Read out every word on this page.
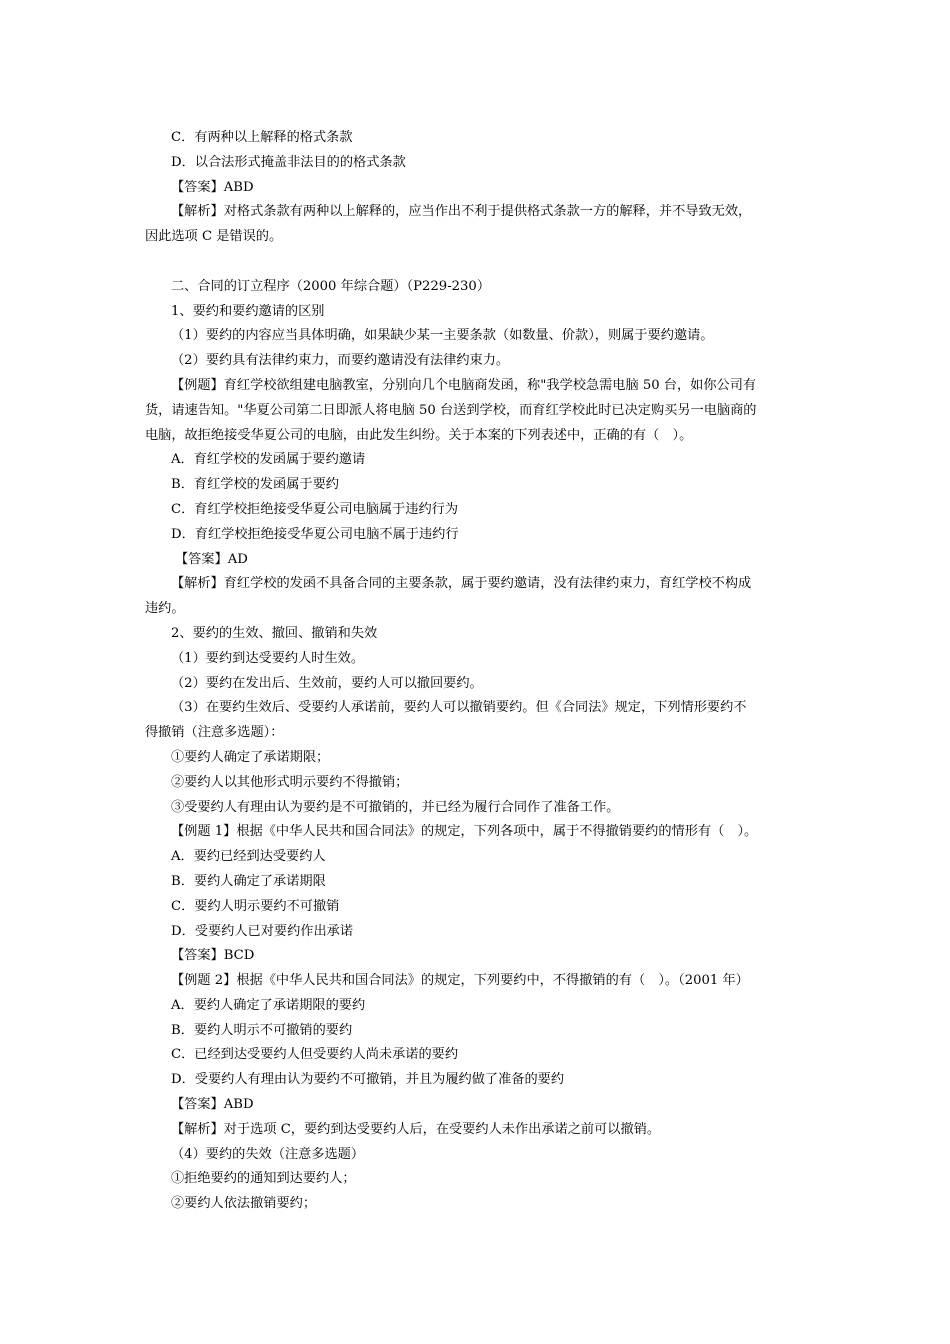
C．有两种以上解释的格式条款
D．以合法形式掩盖非法目的的格式条款
【答案】ABD
【解析】对格式条款有两种以上解释的，应当作出不利于提供格式条款一方的解释，并不导致无效，
因此选项 C 是错误的。
二、合同的订立程序（2000 年综合题）（P229-230）
1、要约和要约邀请的区别
（1）要约的内容应当具体明确，如果缺少某一主要条款（如数量、价款），则属于要约邀请。
（2）要约具有法律约束力，而要约邀请没有法律约束力。
【例题】育红学校欲组建电脑教室，分别向几个电脑商发函，称"我学校急需电脑 50 台，如你公司有
货，请速告知。"华夏公司第二日即派人将电脑 50 台送到学校，而育红学校此时已决定购买另一电脑商的
电脑，故拒绝接受华夏公司的电脑，由此发生纠纷。关于本案的下列表述中，正确的有（　）。
A．育红学校的发函属于要约邀请
B．育红学校的发函属于要约
C．育红学校拒绝接受华夏公司电脑属于违约行为
D．育红学校拒绝接受华夏公司电脑不属于违约行
【答案】AD
【解析】育红学校的发函不具备合同的主要条款，属于要约邀请，没有法律约束力，育红学校不构成
违约。
2、要约的生效、撤回、撤销和失效
（1）要约到达受要约人时生效。
（2）要约在发出后、生效前，要约人可以撤回要约。
（3）在要约生效后、受要约人承诺前，要约人可以撤销要约。但《合同法》规定，下列情形要约不
得撤销（注意多选题）：
①要约人确定了承诺期限；
②要约人以其他形式明示要约不得撤销；
③受要约人有理由认为要约是不可撤销的，并已经为履行合同作了准备工作。
【例题 1】根据《中华人民共和国合同法》的规定，下列各项中，属于不得撤销要约的情形有（　）。
A．要约已经到达受要约人
B．要约人确定了承诺期限
C．要约人明示要约不可撤销
D．受要约人已对要约作出承诺
【答案】BCD
【例题 2】根据《中华人民共和国合同法》的规定，下列要约中，不得撤销的有（　）。（2001 年）
A．要约人确定了承诺期限的要约
B．要约人明示不可撤销的要约
C．已经到达受要约人但受要约人尚未承诺的要约
D．受要约人有理由认为要约不可撤销，并且为履约做了准备的要约
【答案】ABD
【解析】对于选项 C，要约到达受要约人后，在受要约人未作出承诺之前可以撤销。
（4）要约的失效（注意多选题）
①拒绝要约的通知到达要约人；
②要约人依法撤销要约；
